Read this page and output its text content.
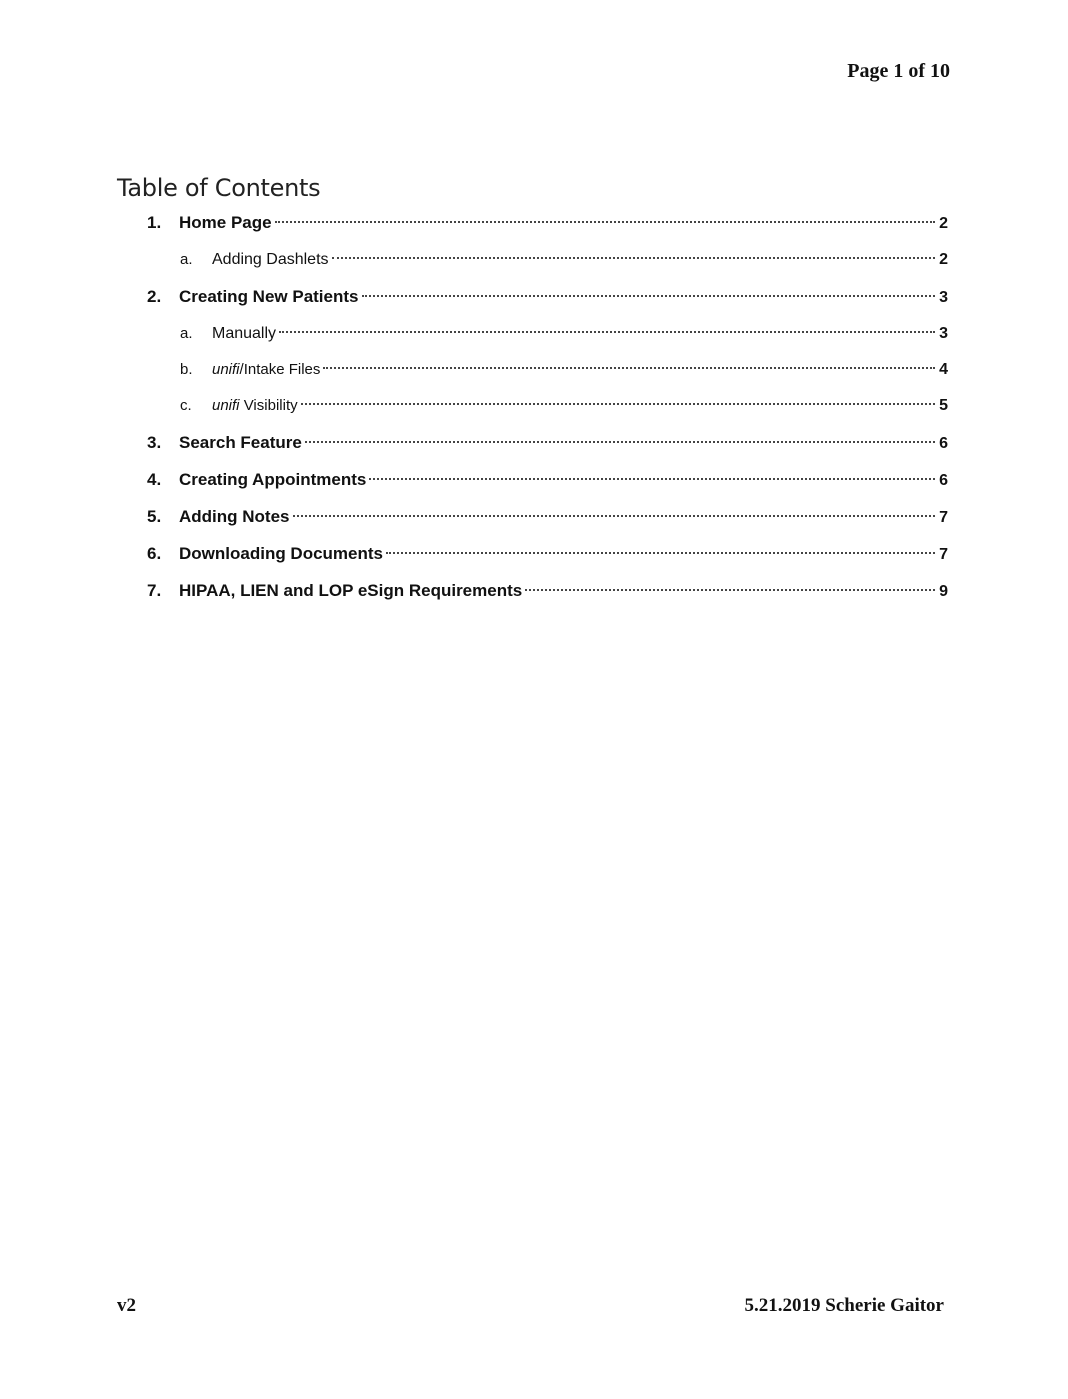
Page 1 of 10
Table of Contents
1. Home Page	2
a. Adding Dashlets	2
2. Creating New Patients	3
a. Manually	3
b. unifi/Intake Files	4
c. unifi Visibility	5
3. Search Feature	6
4. Creating Appointments	6
5. Adding Notes	7
6. Downloading Documents	7
7. HIPAA, LIEN and LOP eSign Requirements	9
v2	5.21.2019 Scherie Gaitor
